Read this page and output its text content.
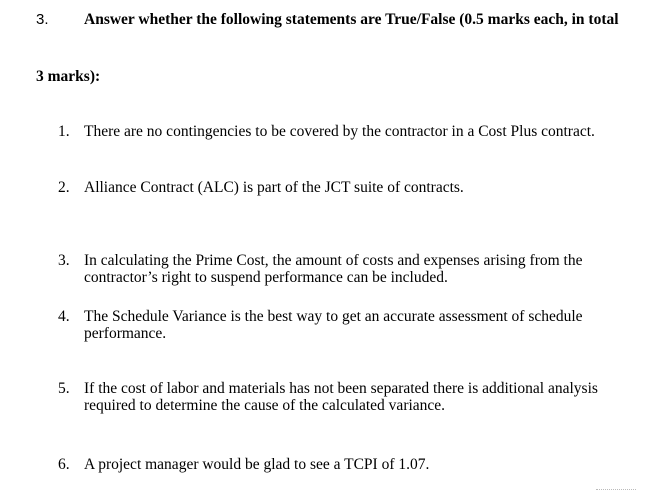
3. Answer whether the following statements are True/False (0.5 marks each, in total
3 marks):
1. There are no contingencies to be covered by the contractor in a Cost Plus contract.
2. Alliance Contract (ALC) is part of the JCT suite of contracts.
3. In calculating the Prime Cost, the amount of costs and expenses arising from the
contractor’s right to suspend performance can be included.
4. The Schedule Variance is the best way to get an accurate assessment of schedule
performance.
5. If the cost of labor and materials has not been separated there is additional analysis
required to determine the cause of the calculated variance.
6. A project manager would be glad to see a TCPI of 1.07.
